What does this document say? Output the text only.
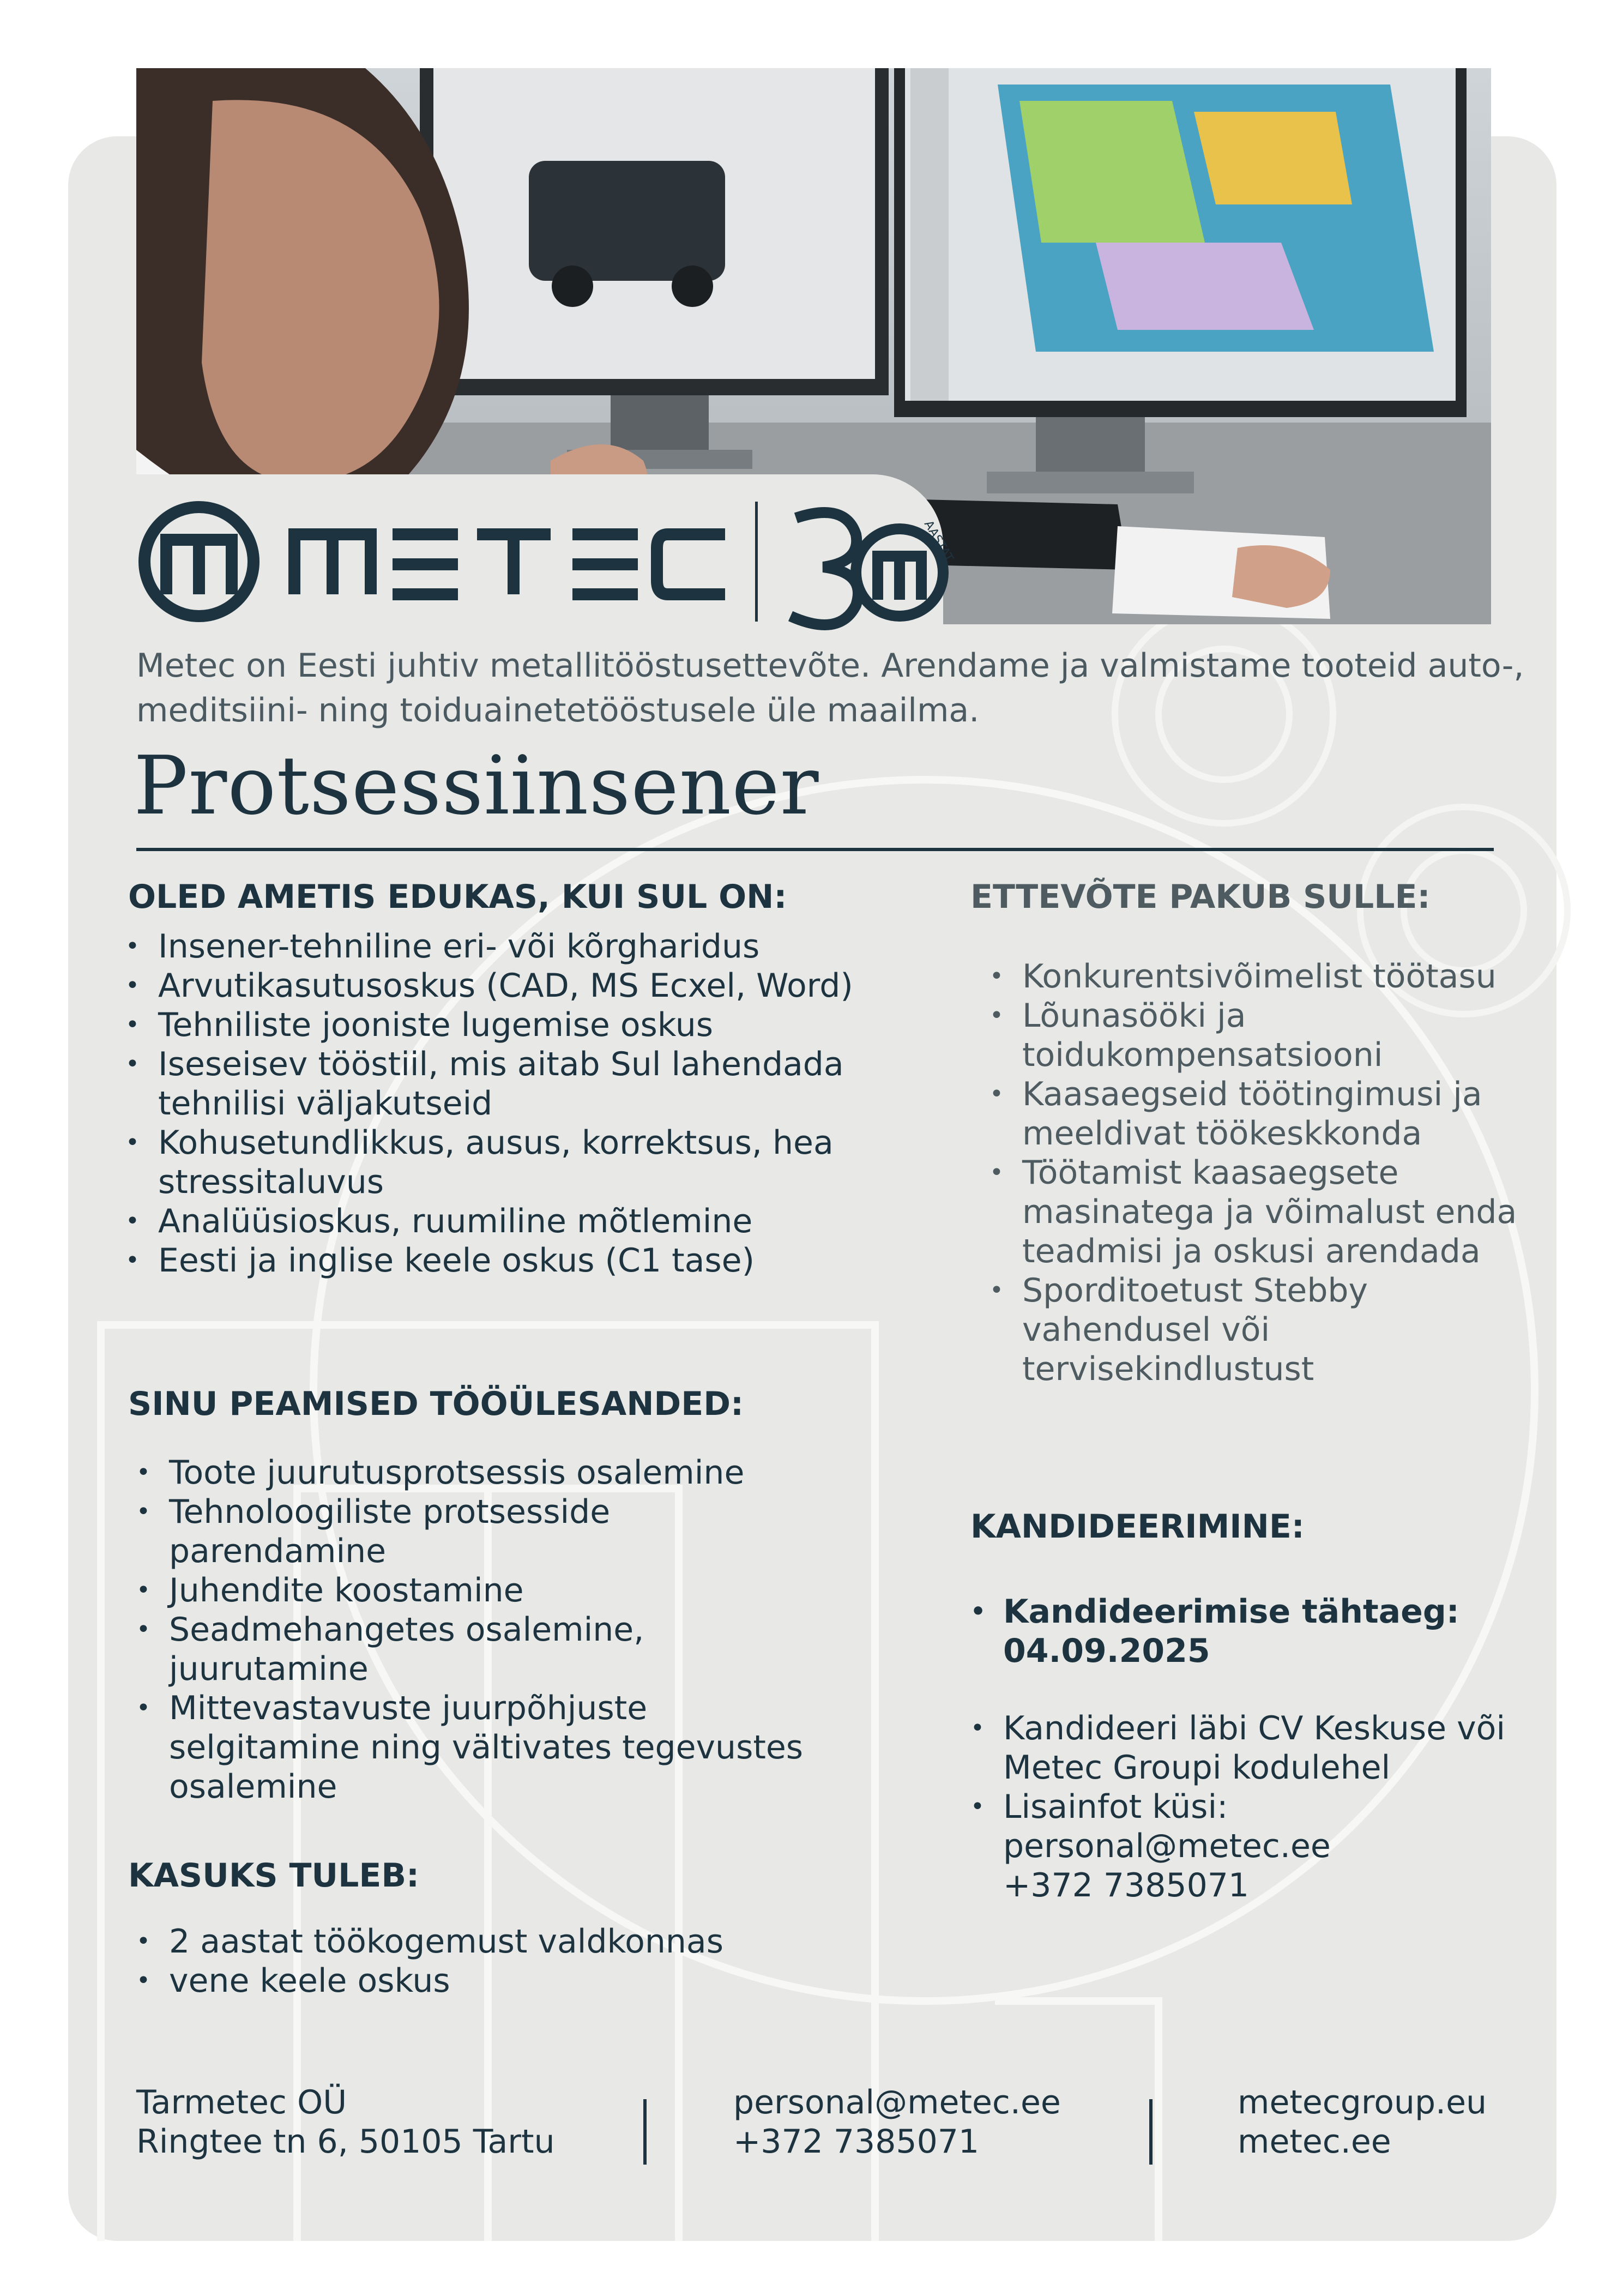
AASTAT
Metec on Eesti juhtiv metallitööstusettevõte. Arendame ja valmistame tooteid auto-, meditsiini- ning toiduainetetööstusele üle maailma.
Protsessiinsener
OLED AMETIS EDUKAS, KUI SUL ON:
• Insener-tehniline eri- või kõrgharidus
• Arvutikasutusoskus (CAD, MS Ecxel, Word)
• Tehniliste jooniste lugemise oskus
• Iseseisev tööstiil, mis aitab Sul lahendada tehnilisi väljakutseid
• Kohusetundlikkus, ausus, korrektsus, hea stressitaluvus
• Analüüsioskus, ruumiline mõtlemine
• Eesti ja inglise keele oskus (C1 tase)
SINU PEAMISED TÖÖÜLESANDED:
• Toote juurutusprotsessis osalemine
• Tehnoloogiliste protsesside parendamine
• Juhendite koostamine
• Seadmehangetes osalemine, juurutamine
• Mittevastavuste juurpõhjuste selgitamine ning vältivates tegevustes osalemine
KASUKS TULEB:
• 2 aastat töökogemust valdkonnas
• vene keele oskus
ETTEVÕTE PAKUB SULLE:
• Konkurentsivõimelist töötasu
• Lõunasööki ja toidukompensatsiooni
• Kaasaegseid töötingimusi ja meeldivat töökeskkonda
• Töötamist kaasaegsete masinatega ja võimalust enda teadmisi ja oskusi arendada
• Sporditoetust Stebby vahendusel või tervisekindlustust
KANDIDEERIMINE:
• Kandideerimise tähtaeg: 04.09.2025
• Kandideeri läbi CV Keskuse või Metec Groupi kodulehel
• Lisainfot küsi:
personal@metec.ee
+372 7385071
Tarmetec OÜ
Ringtee tn 6, 50105 Tartu
personal@metec.ee
+372 7385071
metecgroup.eu
metec.ee
